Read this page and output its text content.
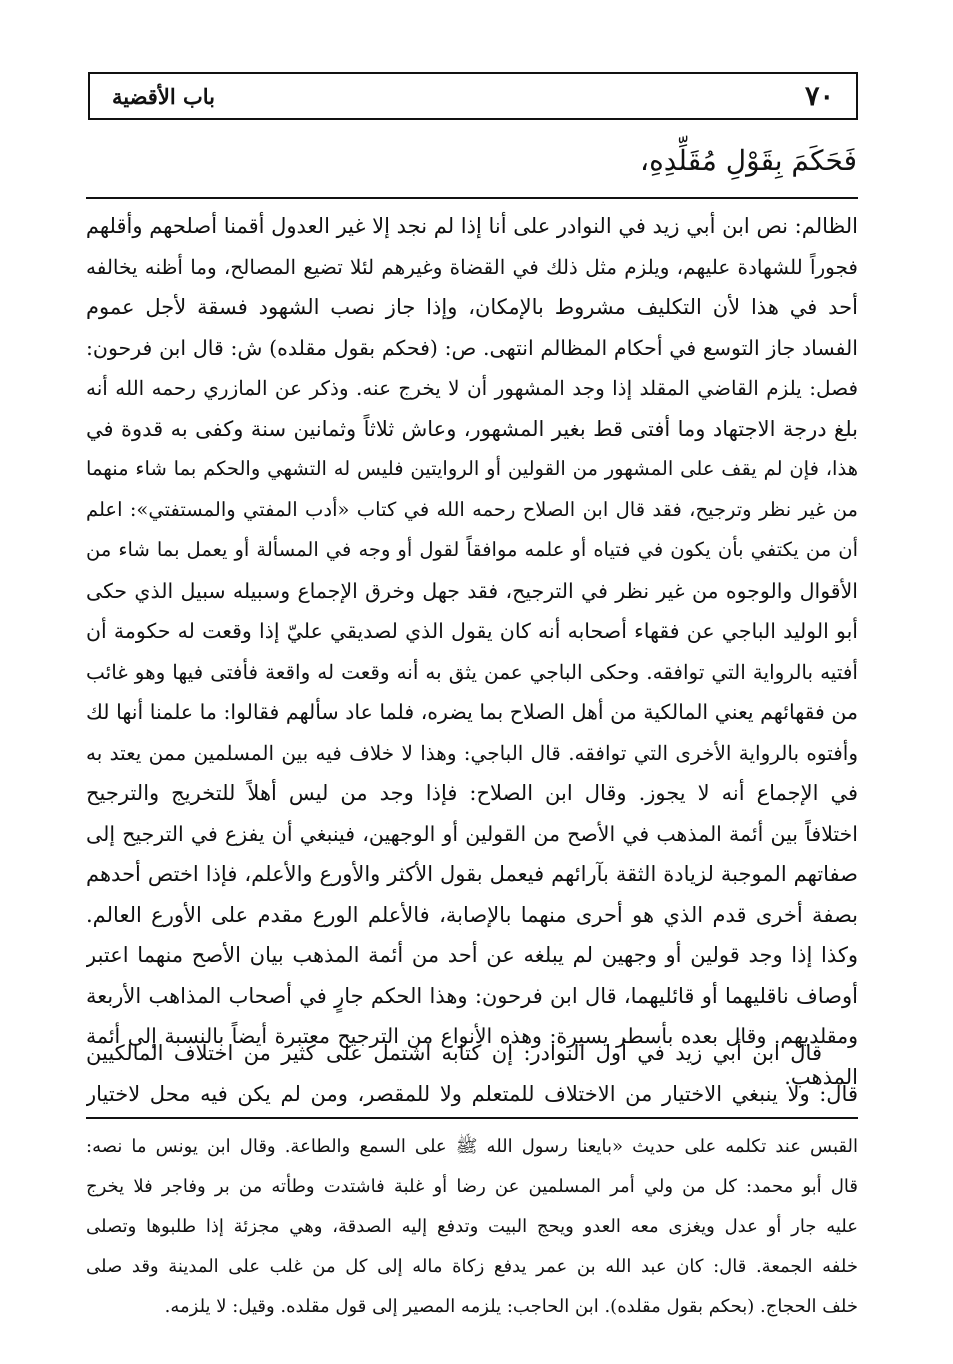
٧٠
باب الأقضية
فَحَكَمَ بِقَوْلِ مُقَلِّدِهِ،
الظالم: نص ابن أبي زيد في النوادر على أنا إذا لم نجد إلا غير العدول أقمنا أصلحهم وأقلهم
فجوراً للشهادة عليهم، ويلزم مثل ذلك في القضاة وغيرهم لئلا تضيع المصالح، وما أظنه يخالفه
أحد في هذا لأن التكليف مشروط بالإمكان، وإذا جاز نصب الشهود فسقة لأجل عموم
الفساد جاز التوسع في أحكام المظالم انتهى. ص: (فحكم بقول مقلده) ش: قال ابن فرحون:
فصل: يلزم القاضي المقلد إذا وجد المشهور أن لا يخرج عنه. وذكر عن المازري رحمه الله أنه
بلغ درجة الاجتهاد وما أفتى قط بغير المشهور، وعاش ثلاثاً وثمانين سنة وكفى به قدوة في
هذا، فإن لم يقف على المشهور من القولين أو الروايتين فليس له التشهي والحكم بما شاء منهما
من غير نظر وترجيح، فقد قال ابن الصلاح رحمه الله في كتاب «أدب المفتي والمستفتي»: اعلم
أن من يكتفي بأن يكون في فتياه أو علمه موافقاً لقول أو وجه في المسألة أو يعمل بما شاء من
الأقوال والوجوه من غير نظر في الترجيح، فقد جهل وخرق الإجماع وسبيله سبيل الذي حكى
أبو الوليد الباجي عن فقهاء أصحابه أنه كان يقول الذي لصديقي عليّ إذا وقعت له حكومة أن
أفتيه بالرواية التي توافقه. وحكى الباجي عمن يثق به أنه وقعت له واقعة فأفتى فيها وهو غائب
من فقهائهم يعني المالكية من أهل الصلاح بما يضره، فلما عاد سألهم فقالوا: ما علمنا أنها لك
وأفتوه بالرواية الأخرى التي توافقه. قال الباجي: وهذا لا خلاف فيه بين المسلمين ممن يعتد به
في الإجماع أنه لا يجوز. وقال ابن الصلاح: فإذا وجد من ليس أهلاً للتخريج والترجيح
اختلافاً بين أئمة المذهب في الأصح من القولين أو الوجهين، فينبغي أن يفزع في الترجيح إلى
صفاتهم الموجبة لزيادة الثقة بآرائهم فيعمل بقول الأكثر والأورع والأعلم، فإذا اختص أحدهم
بصفة أخرى قدم الذي هو أحرى منهما بالإصابة، فالأعلم الورع مقدم على الأورع العالم.
وكذا إذا وجد قولين أو وجهين لم يبلغه عن أحد من أئمة المذهب بيان الأصح منهما اعتبر
أوصاف ناقليهما أو قائليهما، قال ابن فرحون: وهذا الحكم جارٍ في أصحاب المذاهب الأربعة
ومقلديهم. وقال بعده بأسطر يسيرة: وهذه الأنواع من الترجيح معتبرة أيضاً بالنسبة إلى أئمة
المذهب.
قال ابن أبي زيد في أول النوادر: إن كتابه اشتمل على كثير من اختلاف المالكيين
قال: ولا ينبغي الاختيار من الاختلاف للمتعلم ولا للمقصر، ومن لم يكن فيه محل لاختيار
القبس عند تكلمه على حديث «بايعنا رسول الله ﷺ على السمع والطاعة. وقال ابن يونس ما نصه:
قال أبو محمد: كل من ولي أمر المسلمين عن رضا أو غلبة فاشتدت وطأته من بر وفاجر فلا يخرج
عليه جار أو عدل ويغزى معه العدو ويحج البيت وتدفع إليه الصدقة، وهي مجزئة إذا طلبوها وتصلى
خلفه الجمعة. قال: كان عبد الله بن عمر يدفع زكاة ماله إلى كل من غلب على المدينة وقد صلى
خلف الحجاج. (بحكم بقول مقلده). ابن الحاجب: يلزمه المصير إلى قول مقلده. وقيل: لا يلزمه.
